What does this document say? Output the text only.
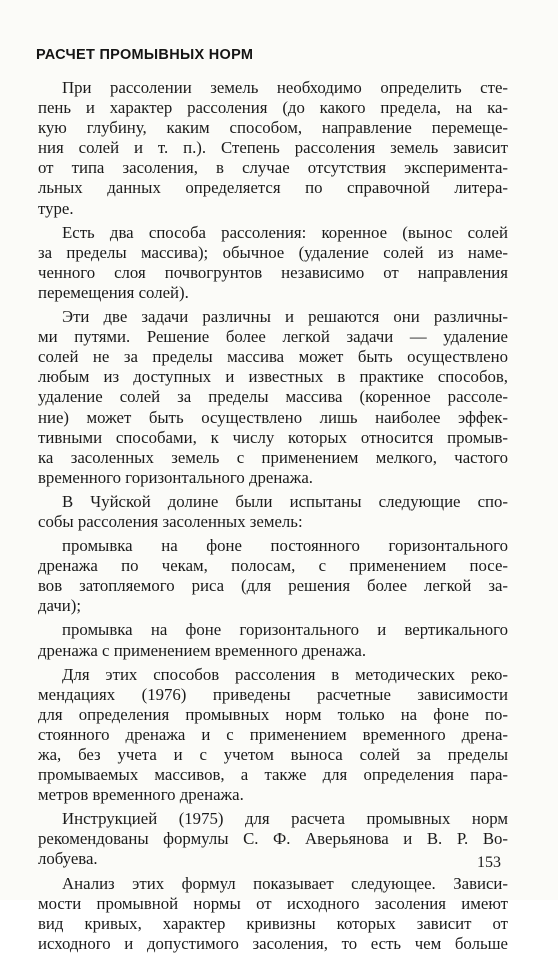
РАСЧЕТ ПРОМЫВНЫХ НОРМ
При рассолении земель необходимо определить сте-
пень и характер рассоления (до какого предела, на ка-
кую глубину, каким способом, направление перемеще-
ния солей и т. п.). Степень рассоления земель зависит
от типа засоления, в случае отсутствия эксперимента-
льных данных определяется по справочной литера-
туре.
Есть два способа рассоления: коренное (вынос солей
за пределы массива); обычное (удаление солей из наме-
ченного слоя почвогрунтов независимо от направления
перемещения солей).
Эти две задачи различны и решаются они различны-
ми путями. Решение более легкой задачи — удаление
солей не за пределы массива может быть осуществлено
любым из доступных и известных в практике способов,
удаление солей за пределы массива (коренное рассоле-
ние) может быть осуществлено лишь наиболее эффек-
тивными способами, к числу которых относится промыв-
ка засоленных земель с применением мелкого, частого
временного горизонтального дренажа.
В Чуйской долине были испытаны следующие спо-
собы рассоления засоленных земель:
промывка на фоне постоянного горизонтального
дренажа по чекам, полосам, с применением посе-
вов затопляемого риса (для решения более легкой за-
дачи);
промывка на фоне горизонтального и вертикального
дренажа с применением временного дренажа.
Для этих способов рассоления в методических реко-
мендациях (1976) приведены расчетные зависимости
для определения промывных норм только на фоне по-
стоянного дренажа и с применением временного дрена-
жа, без учета и с учетом выноса солей за пределы
промываемых массивов, а также для определения пара-
метров временного дренажа.
Инструкцией (1975) для расчета промывных норм
рекомендованы формулы С. Ф. Аверьянова и В. Р. Во-
лобуева.
Анализ этих формул показывает следующее. Зависи-
мости промывной нормы от исходного засоления имеют
вид кривых, характер кривизны которых зависит от
исходного и допустимого засоления, то есть чем больше
153
